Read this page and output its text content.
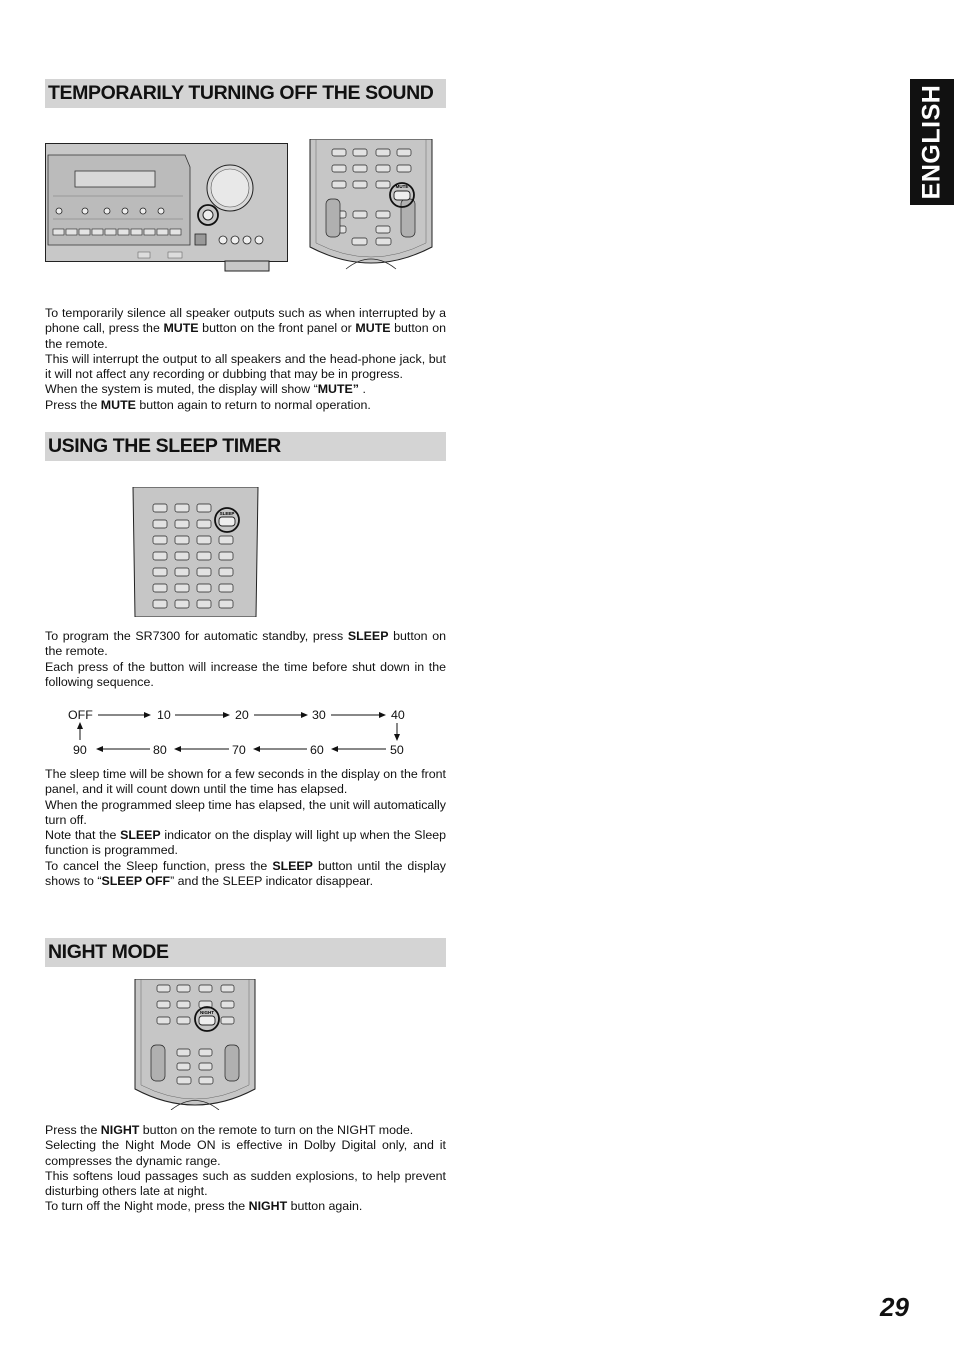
ENGLISH
TEMPORARILY TURNING OFF THE SOUND
MUTE

To temporarily silence all speaker outputs such as when interrupted by a phone call, press the MUTE button on the front panel or MUTE button on the remote.

This will interrupt the output to all speakers and the head-phone jack, but it will not affect any recording or dubbing that may be in progress.

When the system is muted, the display will show “MUTE” .

Press the MUTE button again to return to normal operation.

USING THE SLEEP TIMER
SLEEP

To program the SR7300 for automatic standby, press SLEEP button on the remote.

Each press of the button will increase the time before shut down in the following sequence.

OFF	10	20	30	40
90	80	70	60	50

The sleep time will be shown for a few seconds in the display on the front panel, and it will count down until the time has elapsed.

When the programmed sleep time has elapsed, the unit will automatically turn off.

Note that the SLEEP indicator on the display will light up when the Sleep function is programmed.

To cancel the Sleep function, press the SLEEP button until the display shows to “SLEEP OFF” and the SLEEP indicator disappear.

NIGHT MODE
NIGHT

Press the NIGHT button on the remote to turn on the NIGHT mode.

Selecting the Night Mode ON is effective in Dolby Digital only, and it compresses the dynamic range.

This softens loud passages such as sudden explosions, to help prevent disturbing others late at night.

To turn off the Night mode, press the NIGHT button again.

29
